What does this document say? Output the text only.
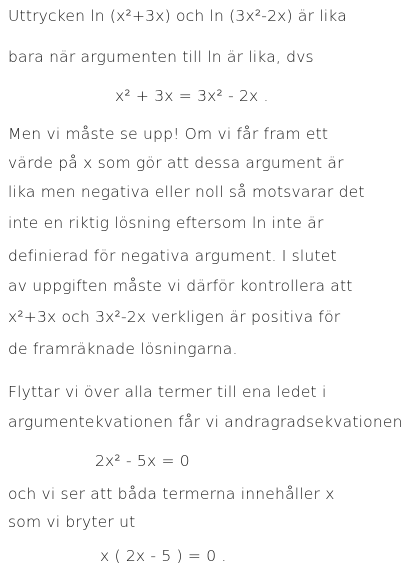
Uttrycken ln (x²+3x) och ln (3x²-2x) är lika
bara när argumenten till ln är lika, dvs
x² + 3x = 3x² - 2x .
Men vi måste se upp! Om vi får fram ett
värde på x som gör att dessa argument är
lika men negativa eller noll så motsvarar det
inte en riktig lösning eftersom ln inte är
definierad för negativa argument. I slutet
av uppgiften måste vi därför kontrollera att
x²+3x och 3x²-2x verkligen är positiva för
de framräknade lösningarna.
Flyttar vi över alla termer till ena ledet i
argumentekvationen får vi andragradsekvationen
2x² - 5x = 0
och vi ser att båda termerna innehåller x
som vi bryter ut
x ( 2x - 5 ) = 0 .
